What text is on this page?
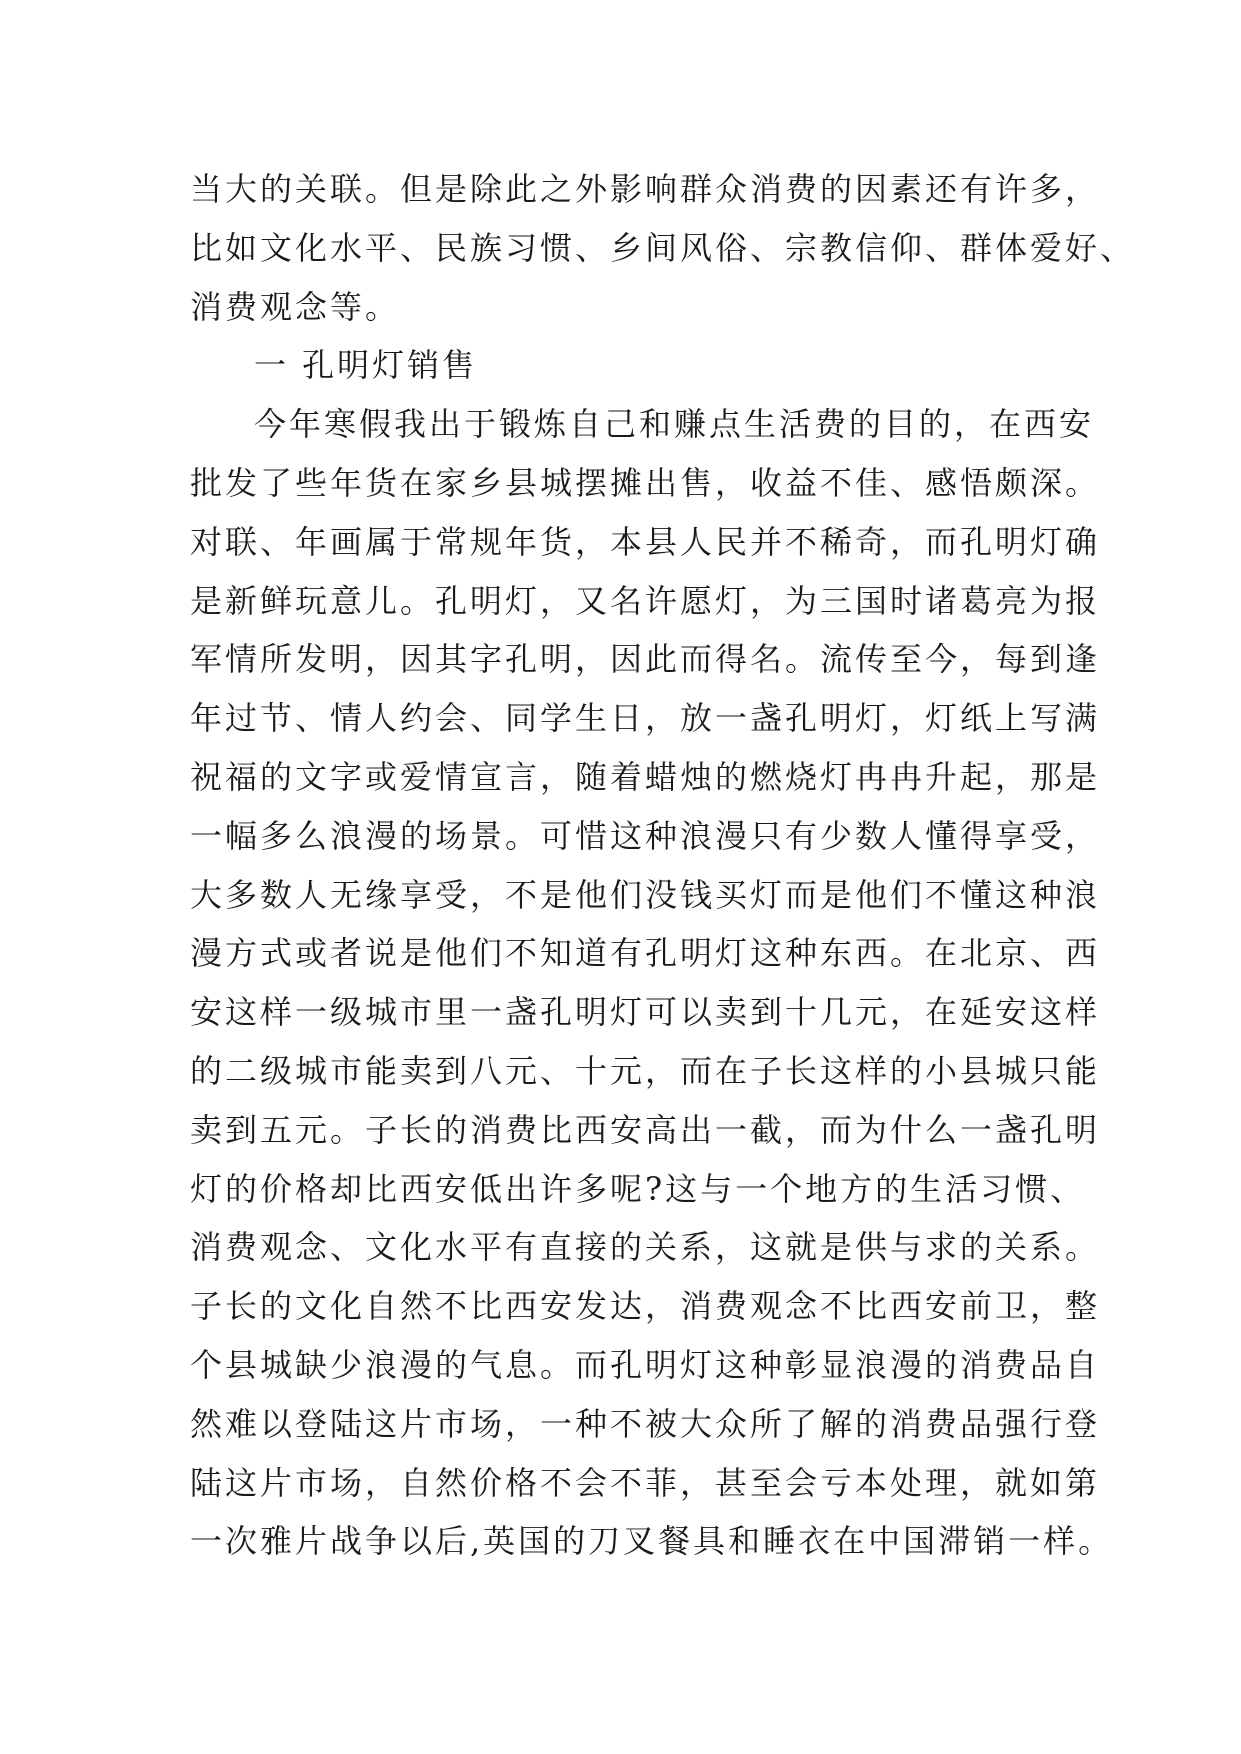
当大的关联。但是除此之外影响群众消费的因素还有许多，
比如文化水平、民族习惯、乡间风俗、宗教信仰、群体爱好、
消费观念等。
一 孔明灯销售
今年寒假我出于锻炼自己和赚点生活费的目的，在西安
批发了些年货在家乡县城摆摊出售，收益不佳、感悟颇深。
对联、年画属于常规年货，本县人民并不稀奇，而孔明灯确
是新鲜玩意儿。孔明灯，又名许愿灯，为三国时诸葛亮为报
军情所发明，因其字孔明，因此而得名。流传至今，每到逢
年过节、情人约会、同学生日，放一盏孔明灯，灯纸上写满
祝福的文字或爱情宣言，随着蜡烛的燃烧灯冉冉升起，那是
一幅多么浪漫的场景。可惜这种浪漫只有少数人懂得享受，
大多数人无缘享受，不是他们没钱买灯而是他们不懂这种浪
漫方式或者说是他们不知道有孔明灯这种东西。在北京、西
安这样一级城市里一盏孔明灯可以卖到十几元，在延安这样
的二级城市能卖到八元、十元，而在子长这样的小县城只能
卖到五元。子长的消费比西安高出一截，而为什么一盏孔明
灯的价格却比西安低出许多呢?这与一个地方的生活习惯、
消费观念、文化水平有直接的关系，这就是供与求的关系。
子长的文化自然不比西安发达，消费观念不比西安前卫，整
个县城缺少浪漫的气息。而孔明灯这种彰显浪漫的消费品自
然难以登陆这片市场，一种不被大众所了解的消费品强行登
陆这片市场，自然价格不会不菲，甚至会亏本处理，就如第
一次雅片战争以后,英国的刀叉餐具和睡衣在中国滞销一样。
